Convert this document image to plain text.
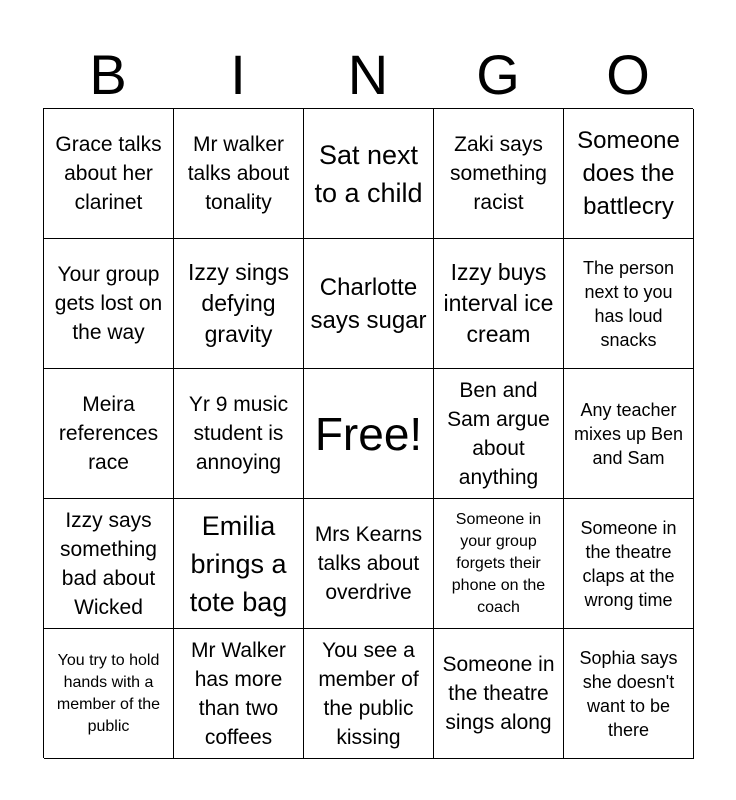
B	I	N	G	O
Grace talks about her clarinet
Mr walker talks about tonality
Sat next to a child
Zaki says something racist
Someone does the battlecry
Your group gets lost on the way
Izzy sings defying gravity
Charlotte says sugar
Izzy buys interval ice cream
The person next to you has loud snacks
Meira references race
Yr 9 music student is annoying
Free!
Ben and Sam argue about anything
Any teacher mixes up Ben and Sam
Izzy says something bad about Wicked
Emilia brings a tote bag
Mrs Kearns talks about overdrive
Someone in your group forgets their phone on the coach
Someone in the theatre claps at the wrong time
You try to hold hands with a member of the public
Mr Walker has more than two coffees
You see a member of the public kissing
Someone in the theatre sings along
Sophia says she doesn't want to be there
